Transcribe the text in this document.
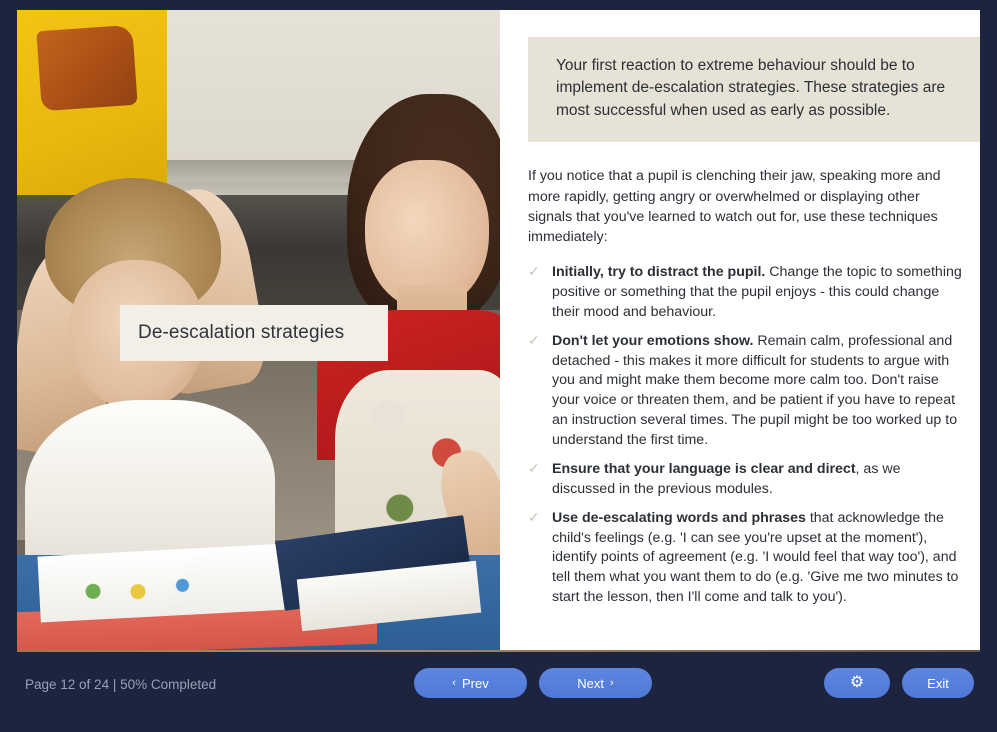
De-escalation strategies
Your first reaction to extreme behaviour should be to implement de-escalation strategies. These strategies are most successful when used as early as possible.
If you notice that a pupil is clenching their jaw, speaking more and more rapidly, getting angry or overwhelmed or displaying other signals that you've learned to watch out for, use these techniques immediately:
✓ Initially, try to distract the pupil. Change the topic to something positive or something that the pupil enjoys - this could change their mood and behaviour.
✓ Don't let your emotions show. Remain calm, professional and detached - this makes it more difficult for students to argue with you and might make them become more calm too. Don't raise your voice or threaten them, and be patient if you have to repeat an instruction several times. The pupil might be too worked up to understand the first time.
✓ Ensure that your language is clear and direct, as we discussed in the previous modules.
✓ Use de-escalating words and phrases that acknowledge the child's feelings (e.g. 'I can see you're upset at the moment'), identify points of agreement (e.g. 'I would feel that way too'), and tell them what you want them to do (e.g. 'Give me two minutes to start the lesson, then I'll come and talk to you').
Page 12 of 24 | 50% Completed	‹ Prev	Next ›	⚙	Exit
